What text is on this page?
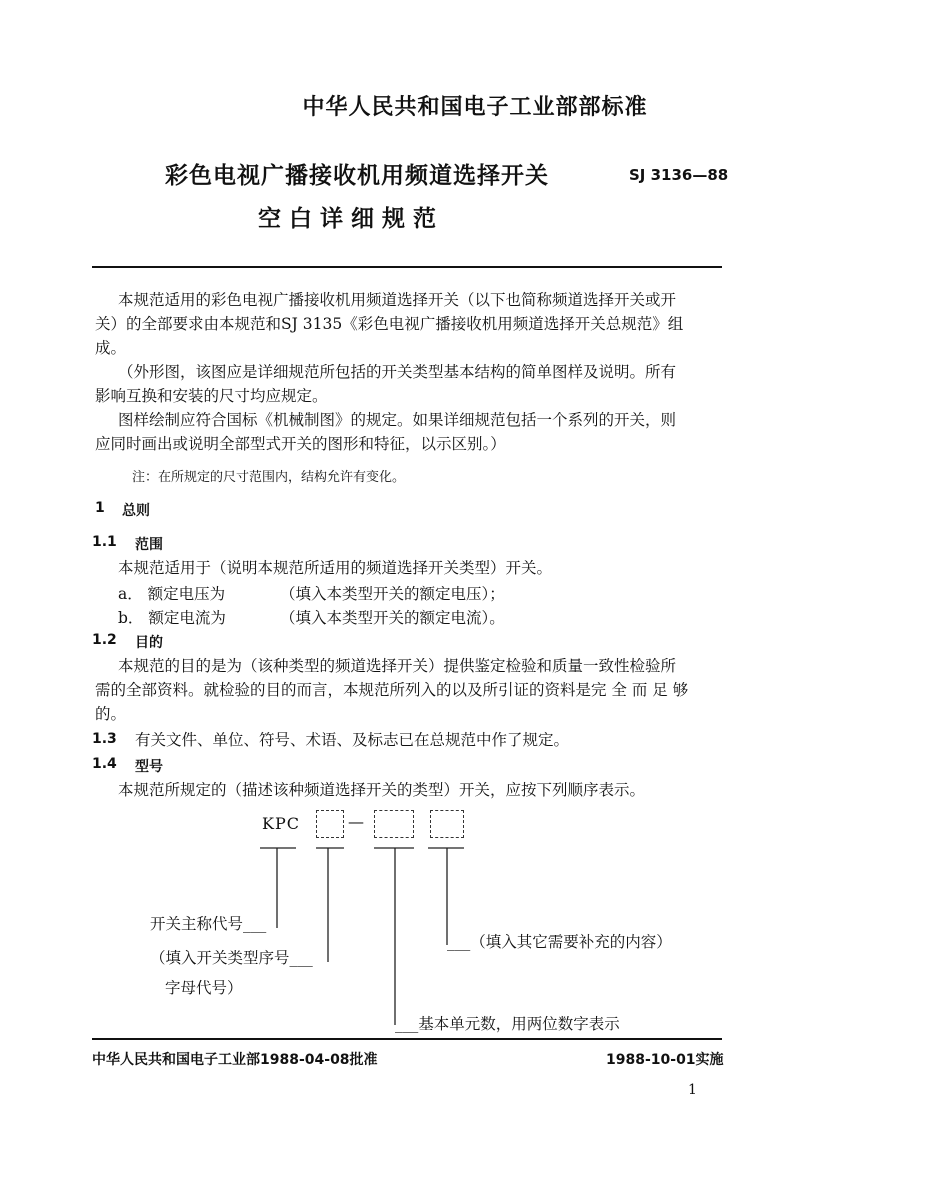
中华人民共和国电子工业部部标准
彩色电视广播接收机用频道选择开关	SJ 3136—88
空 白 详 细 规 范
本规范适用的彩色电视广播接收机用频道选择开关（以下也简称频道选择开关或开
关）的全部要求由本规范和SJ 3135《彩色电视广播接收机用频道选择开关总规范》组
成。
（外形图，该图应是详细规范所包括的开关类型基本结构的简单图样及说明。所有
影响互换和安装的尺寸均应规定。
图样绘制应符合国标《机械制图》的规定。如果详细规范包括一个系列的开关，则
应同时画出或说明全部型式开关的图形和特征，以示区别。）
注：在所规定的尺寸范围内，结构允许有变化。
1 总则
1.1 范围
本规范适用于（说明本规范所适用的频道选择开关类型）开关。
a． 额定电压为	（填入本类型开关的额定电压）；
b． 额定电流为	（填入本类型开关的额定电流）。
1.2 目的
本规范的目的是为（该种类型的频道选择开关）提供鉴定检验和质量一致性检验所
需的全部资料。就检验的目的而言，本规范所列入的以及所引证的资料是完 全 而 足 够
的。
1.3 有关文件、单位、符号、术语、及标志已在总规范中作了规定。
1.4 型号
本规范所规定的（描述该种频道选择开关的类型）开关，应按下列顺序表示。
KPC	—
开关主称代号___
___（填入其它需要补充的内容）
（填入开关类型序号___
字母代号）
___基本单元数，用两位数字表示
中华人民共和国电子工业部1988-04-08批准	1988-10-01实施
1
